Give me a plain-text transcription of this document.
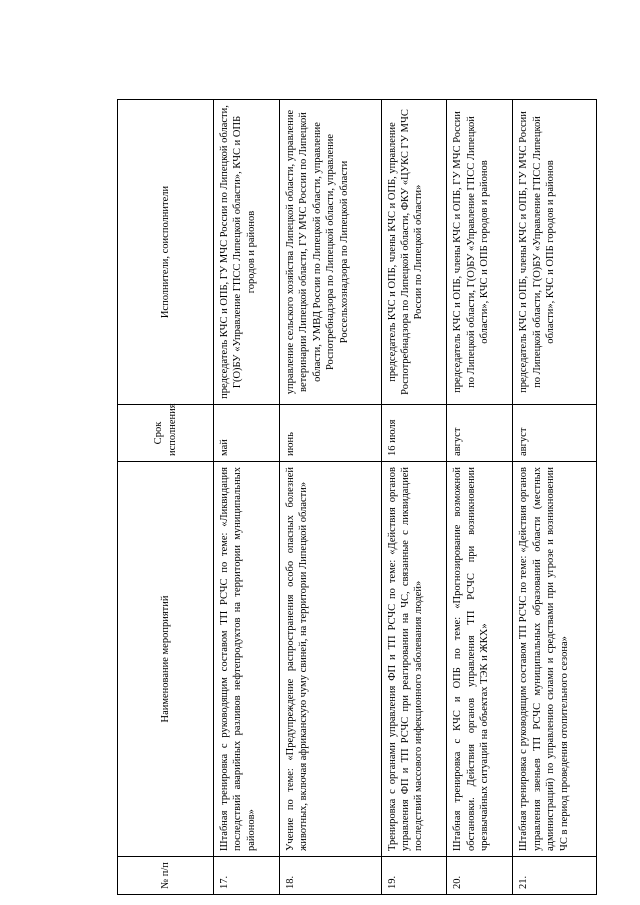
№ п/п	Наименование мероприятий	Срок исполнения	Исполнители, соисполнители
17.	Штабная тренировка с руководящим составом ТП РСЧС по теме: «Ликвидация последствий аварийных разливов нефтепродуктов на территории муниципальных районов»	май	председатель КЧС и ОПБ, ГУ МЧС России по Липецкой области, Г(О)БУ «Управление ГПСС Липецкой области», КЧС и ОПБ городов и районов
18.	Учение по теме: «Предупреждение распространения особо опасных болезней животных, включая африканскую чуму свиней, на территории Липецкой области»	июнь	управление сельского хозяйства Липецкой области, управление ветеринарии Липецкой области, ГУ МЧС России по Липецкой области, УМВД России по Липецкой области, управление Роспотребнадзора по Липецкой области, управление Россельхознадзора по Липецкой области
19.	Тренировка с органами управления ФП и ТП РСЧС по теме: «Действия органов управления ФП и ТП РСЧС при реагировании на ЧС, связанные с ликвидацией последствий массового инфекционного заболевания людей»	16 июля	председатель КЧС и ОПБ, члены КЧС и ОПБ, управление Роспотребнадзора по Липецкой области, ФКУ «ЦУКС ГУ МЧС России по Липецкой области»
20.	Штабная тренировка с КЧС и ОПБ по теме: «Прогнозирование возможной обстановки. Действия органов управления ТП РСЧС при возникновении чрезвычайных ситуаций на объектах ТЭК и ЖКХ»	август	председатель КЧС и ОПБ, члены КЧС и ОПБ, ГУ МЧС России по Липецкой области, Г(О)БУ «Управление ГПСС Липецкой области», КЧС и ОПБ городов и районов
21.	Штабная тренировка с руководящим составом ТП РСЧС по теме: «Действия органов управления звеньев ТП РСЧС муниципальных образований области (местных администраций) по управлению силами и средствами при угрозе и возникновении ЧС в период проведения отопительного сезона»	август	председатель КЧС и ОПБ, члены КЧС и ОПБ, ГУ МЧС России по Липецкой области, Г(О)БУ «Управление ГПСС Липецкой области», КЧС и ОПБ городов и районов
